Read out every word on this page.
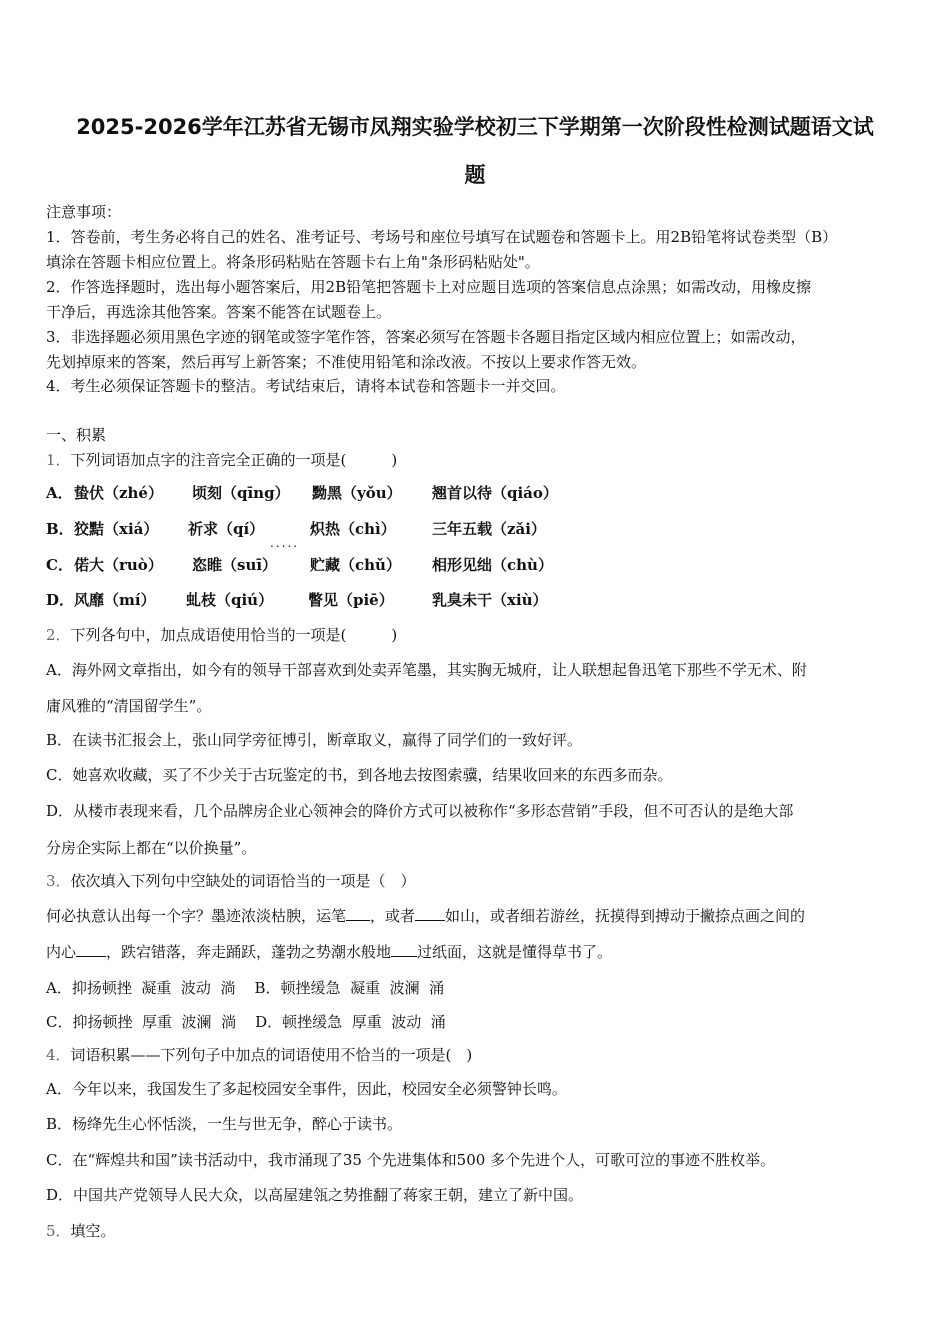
2025-2026学年江苏省无锡市凤翔实验学校初三下学期第一次阶段性检测试题语文试
题
注意事项：
1．答卷前，考生务必将自己的姓名、准考证号、考场号和座位号填写在试题卷和答题卡上。用2B铅笔将试卷类型（B）
填涂在答题卡相应位置上。将条形码粘贴在答题卡右上角"条形码粘贴处"。
2．作答选择题时，选出每小题答案后，用2B铅笔把答题卡上对应题目选项的答案信息点涂黑；如需改动，用橡皮擦
干净后，再选涂其他答案。答案不能答在试题卷上。
3．非选择题必须用黑色字迹的钢笔或签字笔作答，答案必须写在答题卡各题目指定区域内相应位置上；如需改动，
先划掉原来的答案，然后再写上新答案；不准使用铅笔和涂改液。不按以上要求作答无效。
4．考生必须保证答题卡的整洁。考试结束后，请将本试卷和答题卡一并交回。
一、积累
1．下列词语加点字的注音完全正确的一项是(　　　)
A． 蛰伏（zhé） 顷刻（qīng） 黝黑（yǒu） 翘首以待（qiáo）
B． 狡黠（xiá） 祈求（qí）	炽热（chì） 三年五载（zǎi）
.....
C． 偌大（ruò） 恣睢（suī） 贮藏（chǔ） 相形见绌（chù）
D． 风靡（mí） 虬枝（qiú） 瞥见（piē）	乳臭未干（xiù）
2．下列各句中，加点成语使用恰当的一项是(　　　)
A．海外网文章指出，如今有的领导干部喜欢到处卖弄笔墨，其实胸无城府，让人联想起鲁迅笔下那些不学无术、附
庸风雅的“清国留学生”。
B．在读书汇报会上，张山同学旁征博引，断章取义，赢得了同学们的一致好评。
C．她喜欢收藏，买了不少关于古玩鉴定的书，到各地去按图索骥，结果收回来的东西多而杂。
D．从楼市表现来看，几个品牌房企业心领神会的降价方式可以被称作“多形态营销”手段，但不可否认的是绝大部
分房企实际上都在“以价换量”。
3．依次填入下列句中空缺处的词语恰当的一项是（　）
何必执意认出每一个字？墨迹浓淡枯腴，运笔 ，或者 如山，或者细若游丝，抚摸得到搏动于撇捺点画之间的
内心 ，跌宕错落，奔走踊跃，蓬勃之势潮水般地 过纸面，这就是懂得草书了。
A．抑扬顿挫  凝重  波动  淌    B．顿挫缓急  凝重  波澜  涌
C．抑扬顿挫  厚重  波澜  淌    D．顿挫缓急  厚重  波动  涌
4．词语积累——下列句子中加点的词语使用不恰当的一项是(　)
A．今年以来，我国发生了多起校园安全事件，因此，校园安全必须警钟长鸣。
B．杨绛先生心怀恬淡，一生与世无争，醉心于读书。
C．在“辉煌共和国”读书活动中，我市涌现了35 个先进集体和500 多个先进个人，可歌可泣的事迹不胜枚举。
D．中国共产党领导人民大众，以高屋建瓴之势推翻了蒋家王朝，建立了新中国。
5．填空。
